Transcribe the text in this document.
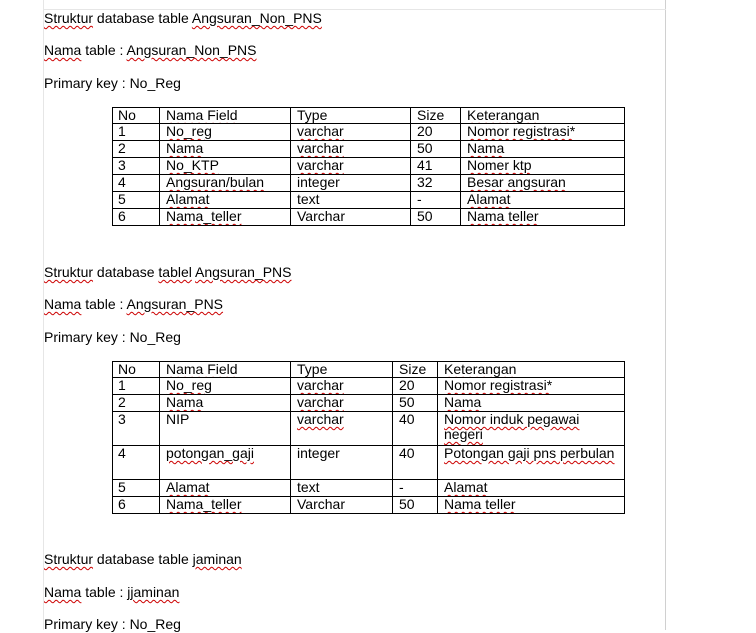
Struktur database table Angsuran_Non_PNS
Nama table : Angsuran_Non_PNS
Primary key : No_Reg
No	Nama Field	Type	Size	Keterangan
1	No_reg	varchar	20	Nomor registrasi*
2	Nama	varchar	50	Nama
3	No_KTP	varchar	41	Nomer ktp
4	Angsuran/bulan	integer	32	Besar angsuran
5	Alamat	text	-	Alamat
6	Nama_teller	Varchar	50	Nama teller
Struktur database tablel Angsuran_PNS
Nama table : Angsuran_PNS
Primary key : No_Reg
No	Nama Field	Type	Size	Keterangan
1	No_reg	varchar	20	Nomor registrasi*
2	Nama	varchar	50	Nama
3	NIP	varchar	40	Nomor induk pegawai negeri
4	potongan_gaji	integer	40	Potongan gaji pns perbulan
5	Alamat	text	-	Alamat
6	Nama_teller	Varchar	50	Nama teller
Struktur database table jaminan
Nama table : jjaminan
Primary key : No_Reg
